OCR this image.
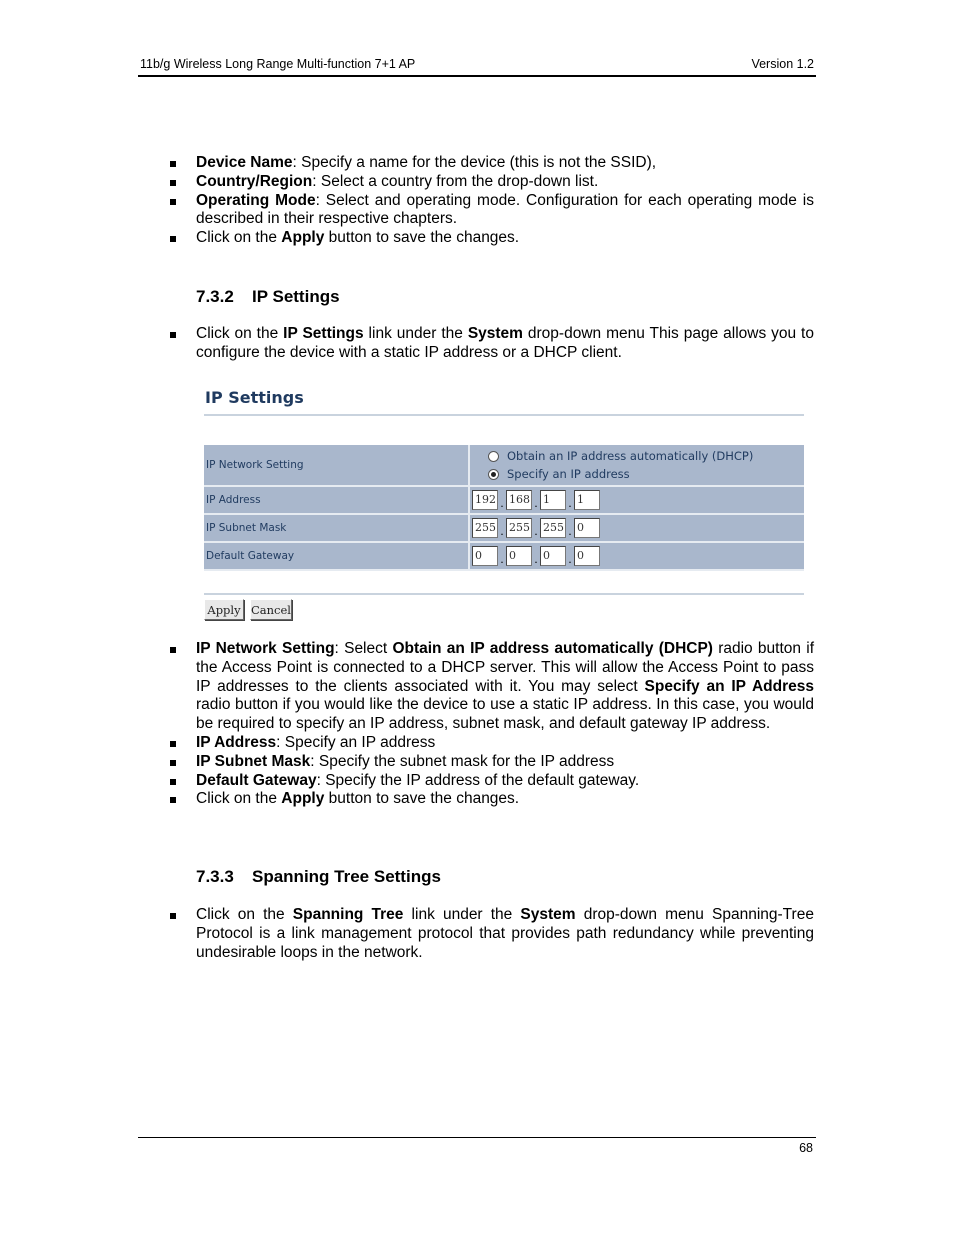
11b/g Wireless Long Range Multi-function 7+1 AP	Version 1.2
Device Name: Specify a name for the device (this is not the SSID),
Country/Region: Select a country from the drop-down list.
Operating Mode: Select and operating mode. Configuration for each operating mode is described in their respective chapters.
Click on the Apply button to save the changes.
7.3.2 IP Settings
Click on the IP Settings link under the System drop-down menu This page allows you to configure the device with a static IP address or a DHCP client.
IP Settings
IP Network Setting	Obtain an IP address automatically (DHCP)
Specify an IP address

IP Address	192 . 168 . 1 . 1
IP Subnet Mask	255 . 255 . 255 . 0
Default Gateway	0 . 0 . 0 . 0
Apply Cancel
IP Network Setting: Select Obtain an IP address automatically (DHCP) radio button if the Access Point is connected to a DHCP server. This will allow the Access Point to pass IP addresses to the clients associated with it. You may select Specify an IP Address radio button if you would like the device to use a static IP address. In this case, you would be required to specify an IP address, subnet mask, and default gateway IP address.
IP Address: Specify an IP address
IP Subnet Mask: Specify the subnet mask for the IP address
Default Gateway: Specify the IP address of the default gateway.
Click on the Apply button to save the changes.
7.3.3 Spanning Tree Settings
Click on the Spanning Tree link under the System drop-down menu Spanning-Tree Protocol is a link management protocol that provides path redundancy while preventing undesirable loops in the network.
68
